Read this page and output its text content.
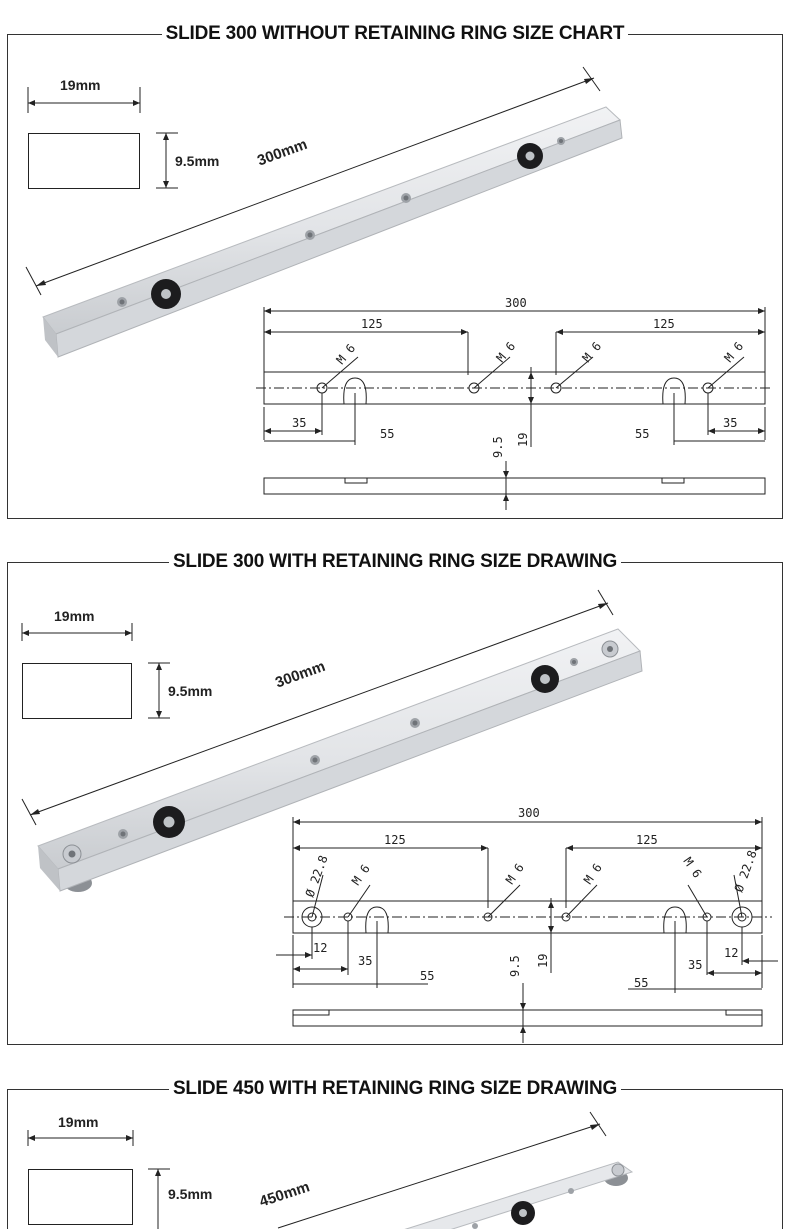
SLIDE 300 WITHOUT RETAINING RING SIZE CHART
19mm
9.5mm 300mm
300
125	125
M 6	M 6	M 6	M 6
35
55	55
35
19
9.5
SLIDE 300 WITH RETAINING RING SIZE DRAWING
19mm
9.5mm	300mm
300
125	125
Ø 22.8	Ø 22.8
M 6	M 6	M 6	M 6
12
35
55
12
35
55
19
9.5
SLIDE 450 WITH RETAINING RING SIZE DRAWING
19mm
9.5mm	450mm
